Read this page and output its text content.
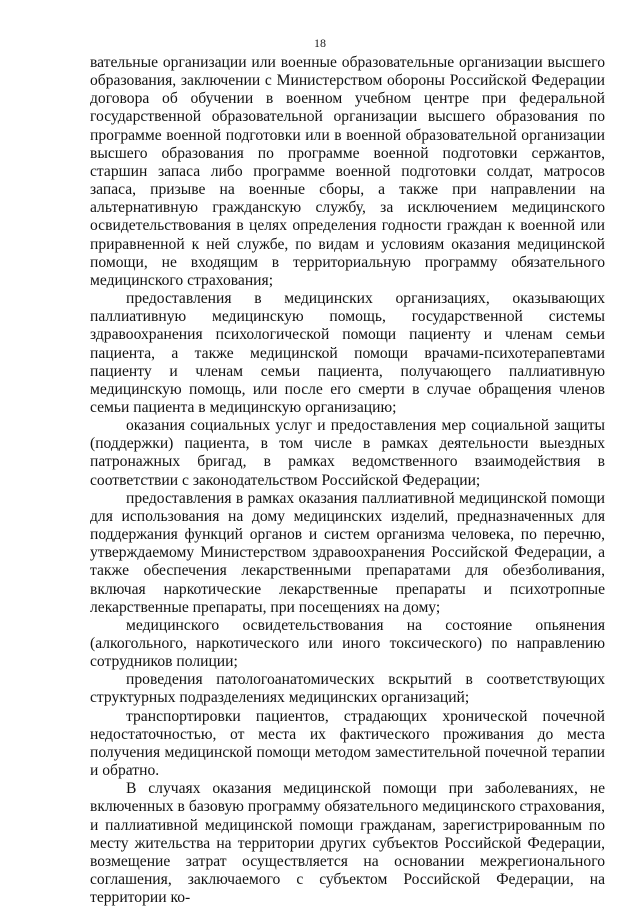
18

вательные организации или военные образовательные организации высшего образования, заключении с Министерством обороны Российской Федерации договора об обучении в военном учебном центре при федеральной государственной образовательной организации высшего образования по программе военной подготовки или в военной образовательной организации высшего образования по программе военной подготовки сержантов, старшин запаса либо программе военной подготовки солдат, матросов запаса, призыве на военные сборы, а также при направлении на альтернативную гражданскую службу, за исключением медицинского освидетельствования в целях определения годности граждан к военной или приравненной к ней службе, по видам и условиям оказания медицинской помощи, не входящим в территориальную программу обязательного медицинского страхования;

предоставления в медицинских организациях, оказывающих паллиативную медицинскую помощь, государственной системы здравоохранения психологической помощи пациенту и членам семьи пациента, а также медицинской помощи врачами-психотерапевтами пациенту и членам семьи пациента, получающего паллиативную медицинскую помощь, или после его смерти в случае обращения членов семьи пациента в медицинскую организацию;

оказания социальных услуг и предоставления мер социальной защиты (поддержки) пациента, в том числе в рамках деятельности выездных патронажных бригад, в рамках ведомственного взаимодействия в соответствии с законодательством Российской Федерации;

предоставления в рамках оказания паллиативной медицинской помощи для использования на дому медицинских изделий, предназначенных для поддержания функций органов и систем организма человека, по перечню, утверждаемому Министерством здравоохранения Российской Федерации, а также обеспечения лекарственными препаратами для обезболивания, включая наркотические лекарственные препараты и психотропные лекарственные препараты, при посещениях на дому;

медицинского освидетельствования на состояние опьянения (алкогольного, наркотического или иного токсического) по направлению сотрудников полиции;

проведения патологоанатомических вскрытий в соответствующих структурных подразделениях медицинских организаций;

транспортировки пациентов, страдающих хронической почечной недостаточностью, от места их фактического проживания до места получения медицинской помощи методом заместительной почечной терапии и обратно.

В случаях оказания медицинской помощи при заболеваниях, не включенных в базовую программу обязательного медицинского страхования, и паллиативной медицинской помощи гражданам, зарегистрированным по месту жительства на территории других субъектов Российской Федерации, возмещение затрат осуществляется на основании межрегионального соглашения, заключаемого с субъектом Российской Федерации, на территории ко-
